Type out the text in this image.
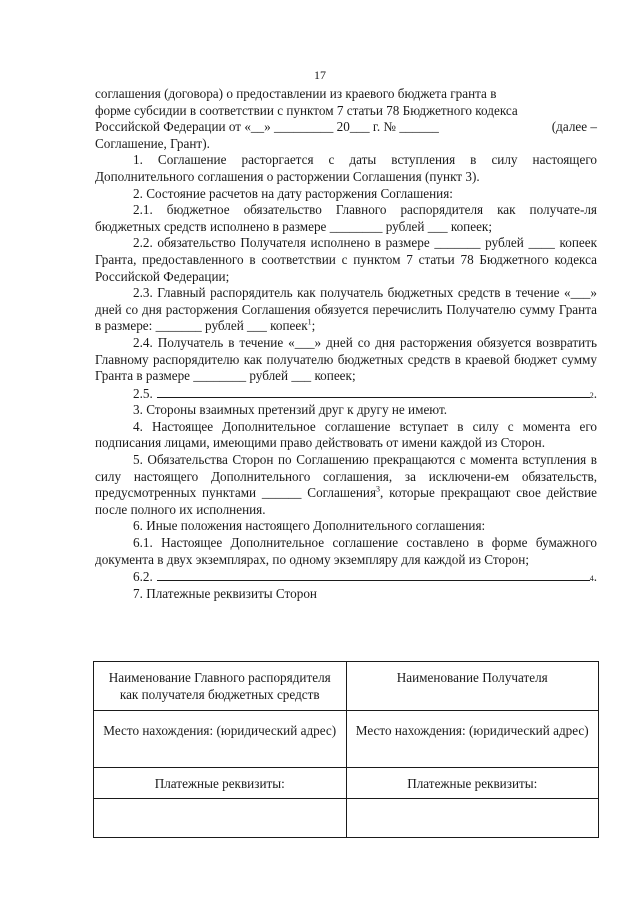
17

соглашения (договора) о предоставлении из краевого бюджета гранта в
форме субсидии в соответствии с пунктом 7 статьи 78 Бюджетного кодекса

Российской Федерации от «__» _________ 20___ г. № ______	(далее –
Соглашение, Грант).

1. Соглашение расторгается с даты вступления в силу настоящего Дополнительного соглашения о расторжении Соглашения (пункт 3).

2. Состояние расчетов на дату расторжения Соглашения:

2.1. бюджетное обязательство Главного распорядителя как получате-ля бюджетных средств исполнено в размере ________ рублей ___ копеек;

2.2. обязательство Получателя исполнено в размере _______ рублей ____ копеек Гранта, предоставленного в соответствии с пунктом 7 статьи 78 Бюджетного кодекса Российской Федерации;

2.3. Главный распорядитель как получатель бюджетных средств в течение «___» дней со дня расторжения Соглашения обязуется перечислить Получателю сумму Гранта в размере: _______ рублей ___ копеек$^1$;

2.4. Получатель в течение «___» дней со дня расторжения обязуется возвратить Главному распорядителю как получателю бюджетных средств в краевой бюджет сумму Гранта в размере ________ рублей ___ копеек;

2.5.	2 .

3. Стороны взаимных претензий друг к другу не имеют.

4. Настоящее Дополнительное соглашение вступает в силу с момента его подписания лицами, имеющими право действовать от имени каждой из Сторон.

5. Обязательства Сторон по Соглашению прекращаются с момента вступления в силу настоящего Дополнительного соглашения, за исключени-ем обязательств, предусмотренных пунктами ______ Соглашения$^3$, которые прекращают свое действие после полного их исполнения.

6. Иные положения настоящего Дополнительного соглашения:

6.1. Настоящее Дополнительное соглашение составлено в форме бумажного документа в двух экземплярах, по одному экземпляру для каждой из Сторон;

6.2.	4 .

7. Платежные реквизиты Сторон

Наименование Главного распорядителя как получателя бюджетных средств	Наименование Получателя
Место нахождения: (юридический адрес)	Место нахождения: (юридический адрес)
Платежные реквизиты:	Платежные реквизиты:
